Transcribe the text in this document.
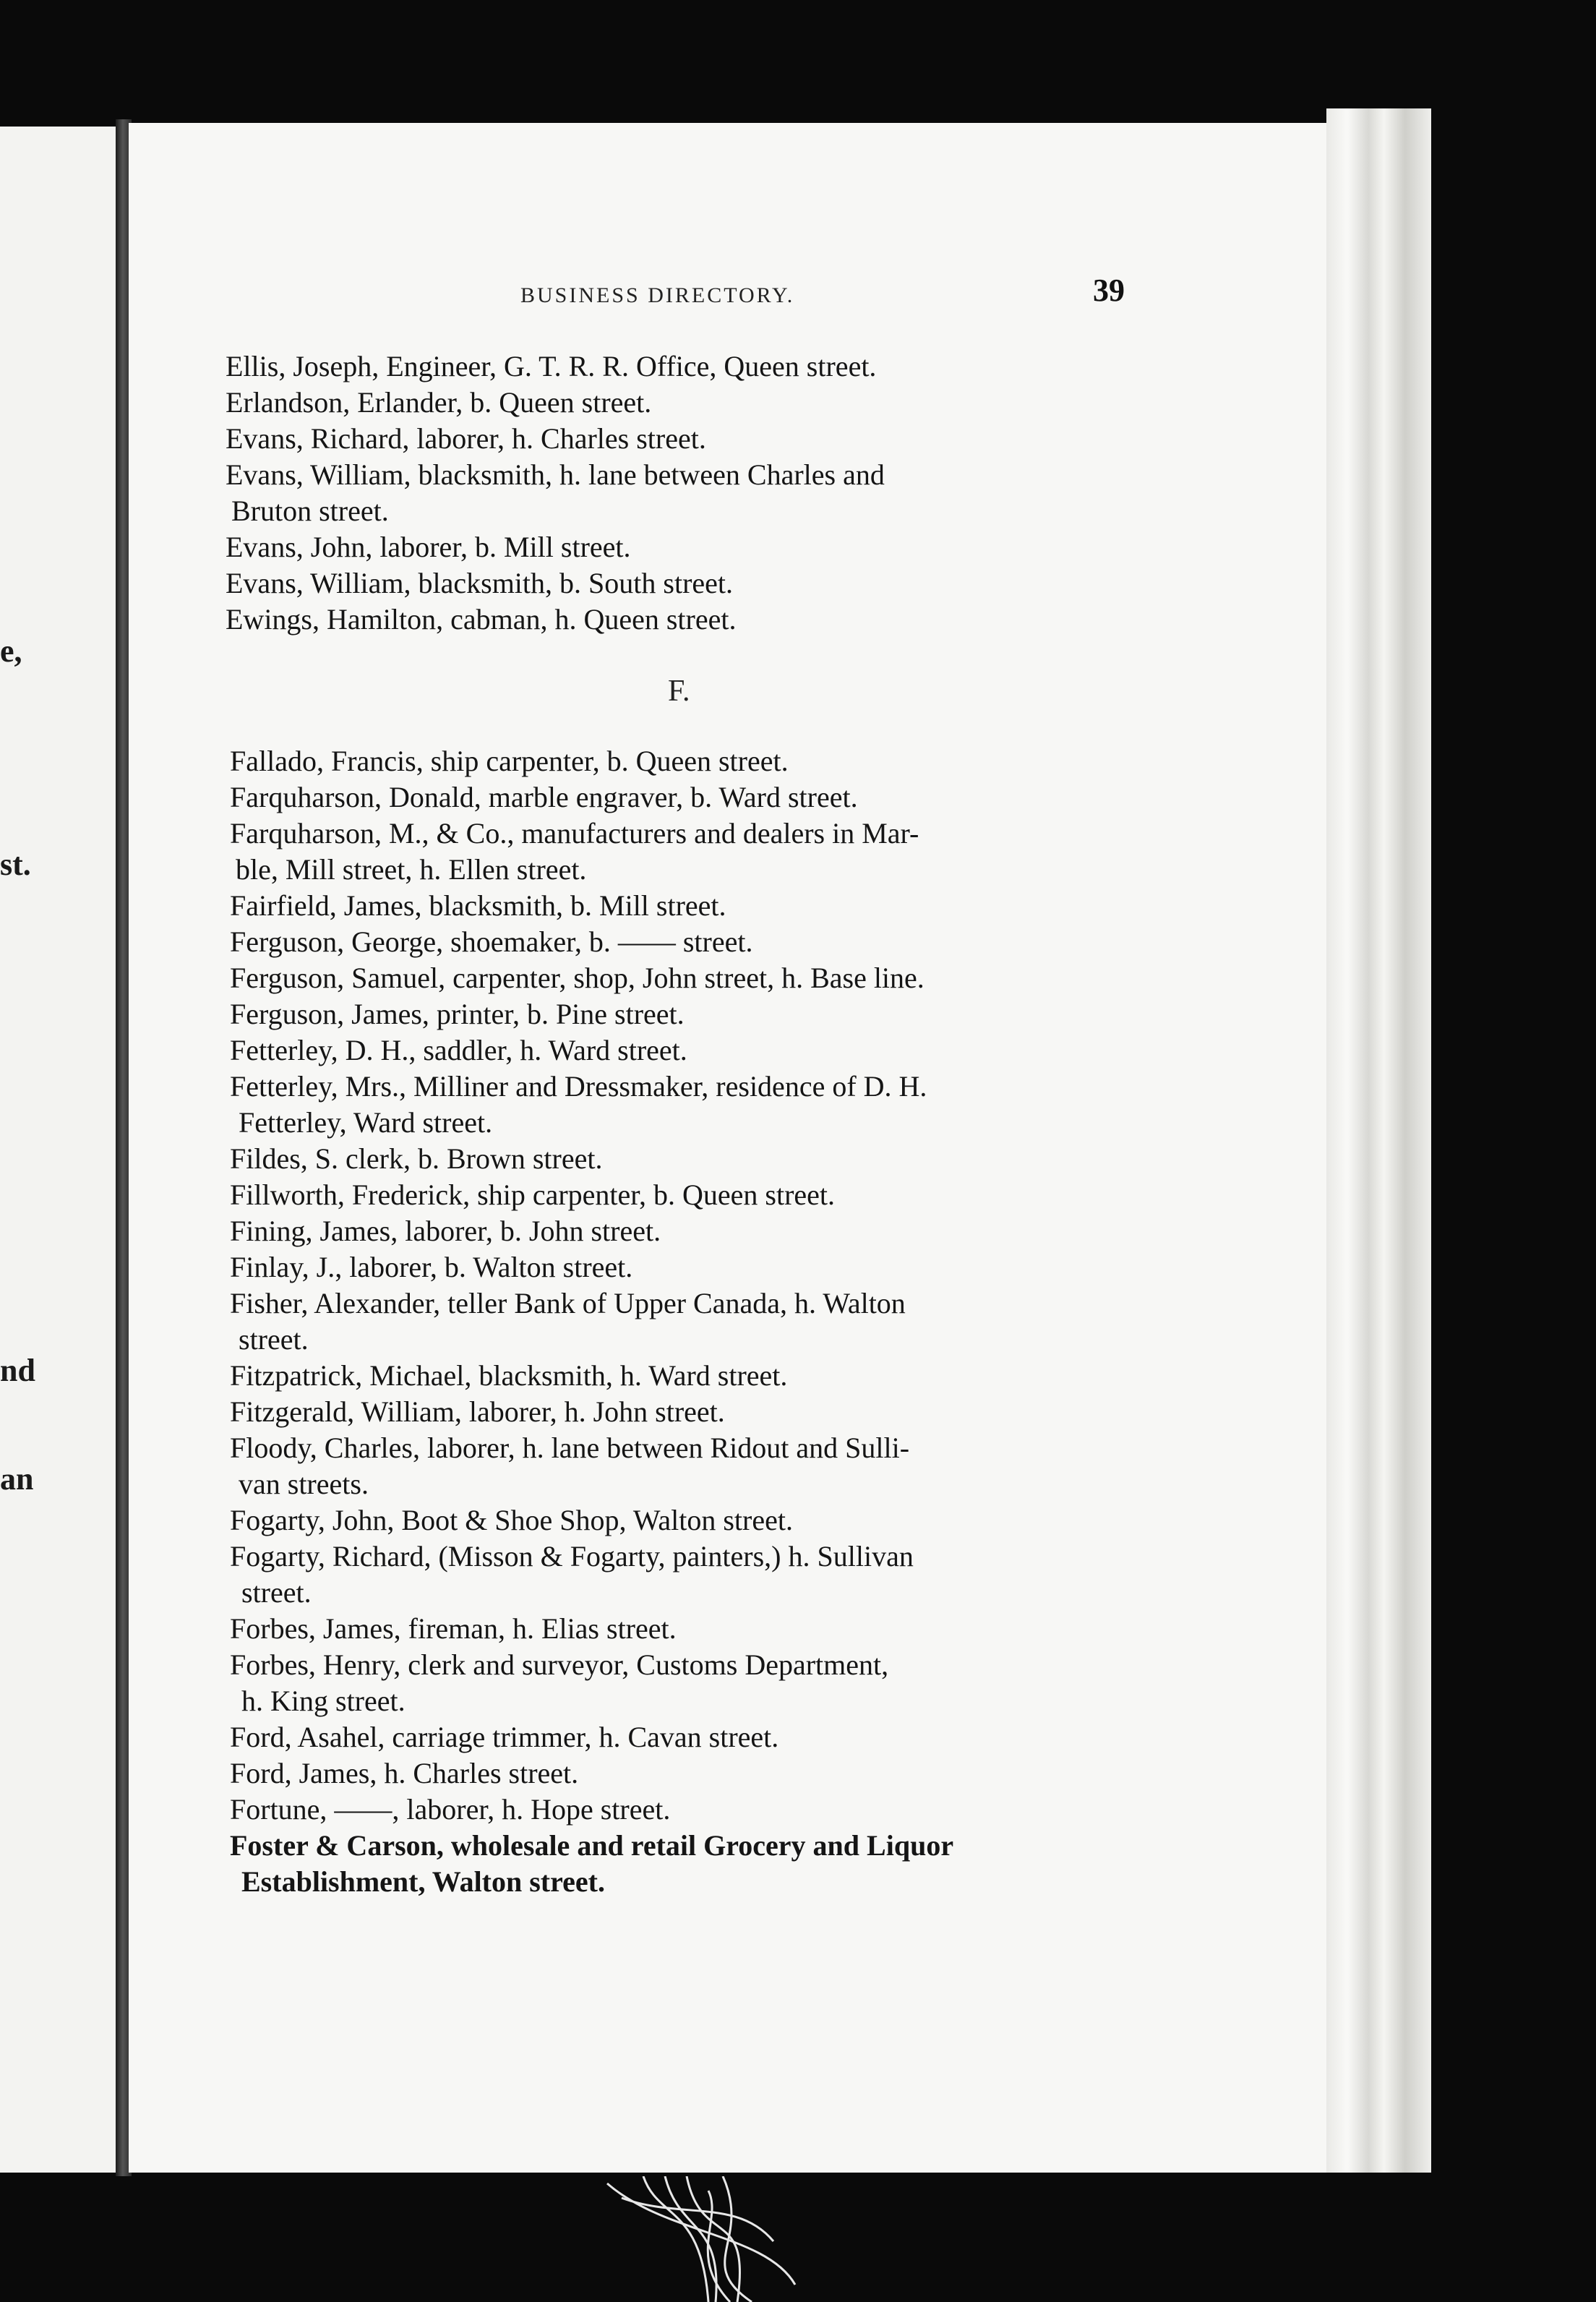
e,
st.
nd
an
BUSINESS DIRECTORY.	39
Ellis, Joseph, Engineer, G. T. R. R. Office, Queen street.
Erlandson, Erlander, b. Queen street.
Evans, Richard, laborer, h. Charles street.
Evans, William, blacksmith, h. lane between Charles and
Bruton street.
Evans, John, laborer, b. Mill street.
Evans, William, blacksmith, b. South street.
Ewings, Hamilton, cabman, h. Queen street.
F.
Fallado, Francis, ship carpenter, b. Queen street.
Farquharson, Donald, marble engraver, b. Ward street.
Farquharson, M., & Co., manufacturers and dealers in Mar-
ble, Mill street, h. Ellen street.
Fairfield, James, blacksmith, b. Mill street.
Ferguson, George, shoemaker, b. —— street.
Ferguson, Samuel, carpenter, shop, John street, h. Base line.
Ferguson, James, printer, b. Pine street.
Fetterley, D. H., saddler, h. Ward street.
Fetterley, Mrs., Milliner and Dressmaker, residence of D. H.
Fetterley, Ward street.
Fildes, S. clerk, b. Brown street.
Fillworth, Frederick, ship carpenter, b. Queen street.
Fining, James, laborer, b. John street.
Finlay, J., laborer, b. Walton street.
Fisher, Alexander, teller Bank of Upper Canada, h. Walton
street.
Fitzpatrick, Michael, blacksmith, h. Ward street.
Fitzgerald, William, laborer, h. John street.
Floody, Charles, laborer, h. lane between Ridout and Sulli-
van streets.
Fogarty, John, Boot & Shoe Shop, Walton street.
Fogarty, Richard, (Misson & Fogarty, painters,) h. Sullivan
street.
Forbes, James, fireman, h. Elias street.
Forbes, Henry, clerk and surveyor, Customs Department,
h. King street.
Ford, Asahel, carriage trimmer, h. Cavan street.
Ford, James, h. Charles street.
Fortune, ——, laborer, h. Hope street.
Foster & Carson, wholesale and retail Grocery and Liquor
Establishment, Walton street.
